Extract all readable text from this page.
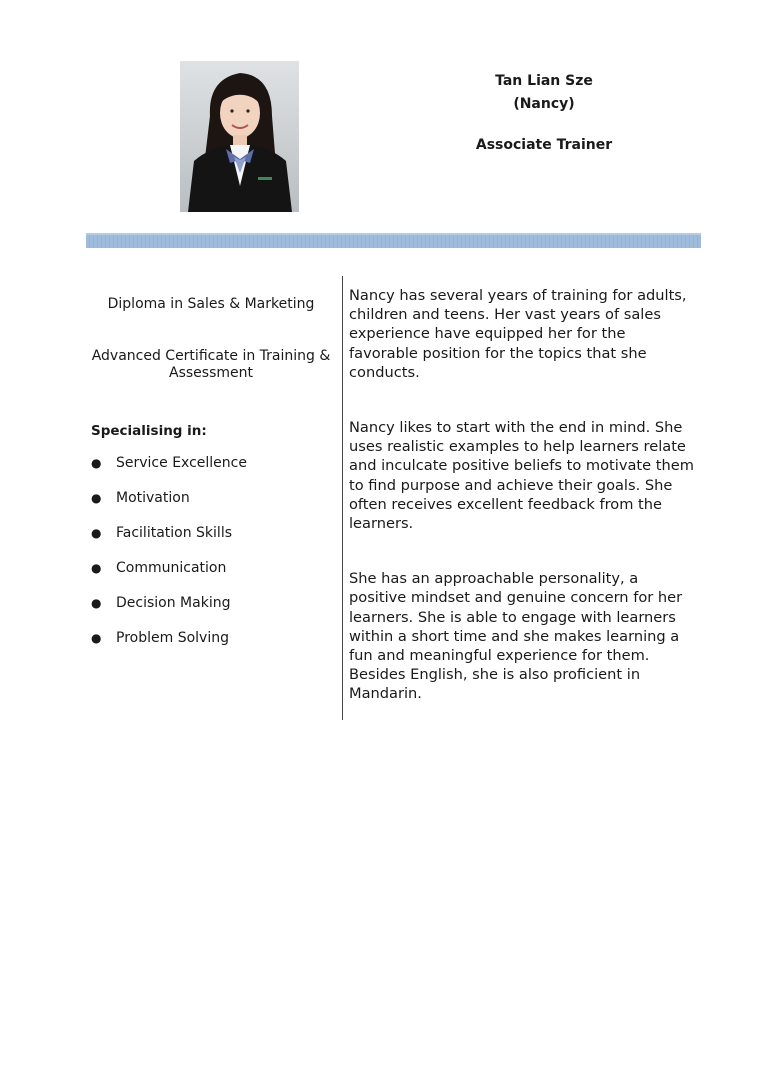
Tan Lian Sze
(Nancy)
Associate Trainer
Diploma in Sales & Marketing
Advanced Certificate in Training & Assessment
Specialising in:
● Service Excellence
● Motivation
● Facilitation Skills
● Communication
● Decision Making
● Problem Solving

Nancy has several years of training for adults, children and teens. Her vast years of sales experience have equipped her for the favorable position for the topics that she conducts.

Nancy likes to start with the end in mind. She uses realistic examples to help learners relate and inculcate positive beliefs to motivate them to find purpose and achieve their goals. She often receives excellent feedback from the learners.

She has an approachable personality, a positive mindset and genuine concern for her learners. She is able to engage with learners within a short time and she makes learning a fun and meaningful experience for them. Besides English, she is also proficient in Mandarin.
